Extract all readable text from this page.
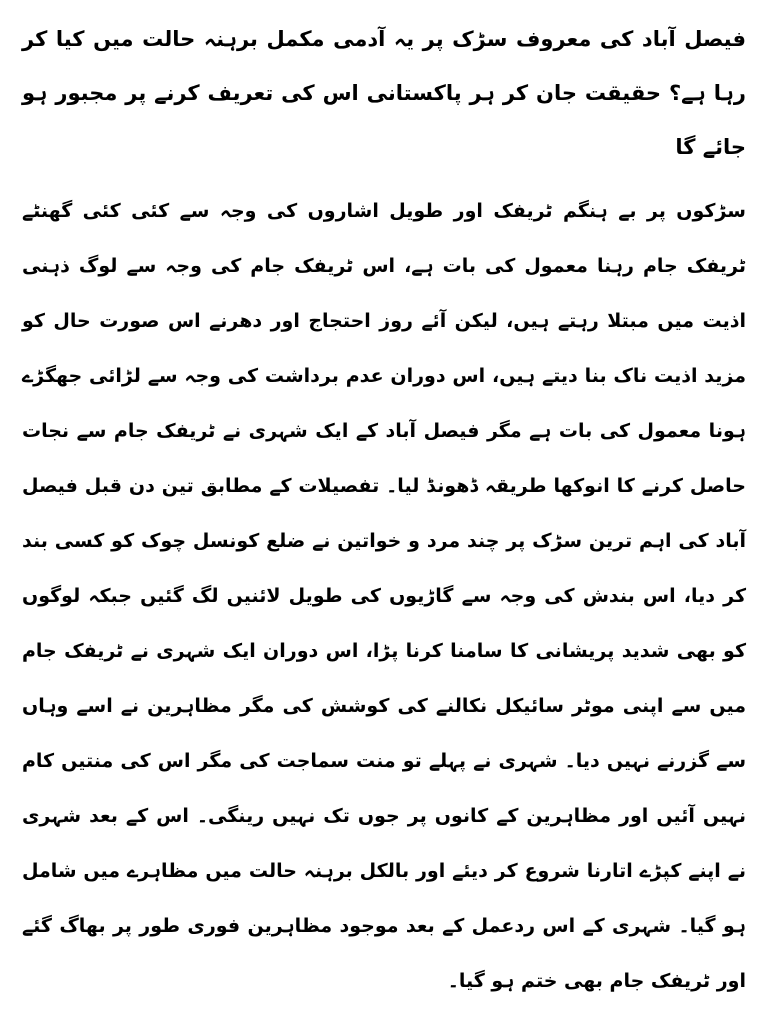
فیصل آباد کی معروف سڑک پر یہ آدمی مکمل برہنہ حالت میں کیا کر رہا ہے؟ حقیقت جان کر ہر پاکستانی اس کی تعریف کرنے پر مجبور ہو جائے گا

سڑکوں پر بے ہنگم ٹریفک اور طویل اشاروں کی وجہ سے کئی کئی گھنٹے ٹریفک جام رہنا معمول کی بات ہے، اس ٹریفک جام کی وجہ سے لوگ ذہنی اذیت میں مبتلا رہتے ہیں، لیکن آئے روز احتجاج اور دھرنے اس صورت حال کو مزید اذیت ناک بنا دیتے ہیں، اس دوران عدم برداشت کی وجہ سے لڑائی جھگڑے ہونا معمول کی بات ہے مگر فیصل آباد کے ایک شہری نے ٹریفک جام سے نجات حاصل کرنے کا انوکھا طریقہ ڈھونڈ لیا۔ تفصیلات کے مطابق تین دن قبل فیصل آباد کی اہم ترین سڑک پر چند مرد و خواتین نے ضلع کونسل چوک کو کسی بند کر دیا، اس بندش کی وجہ سے گاڑیوں کی طویل لائنیں لگ گئیں جبکہ لوگوں کو بھی شدید پریشانی کا سامنا کرنا پڑا، اس دوران ایک شہری نے ٹریفک جام میں سے اپنی موٹر سائیکل نکالنے کی کوشش کی مگر مظاہرین نے اسے وہاں سے گزرنے نہیں دیا۔ شہری نے پہلے تو منت سماجت کی مگر اس کی منتیں کام نہیں آئیں اور مظاہرین کے کانوں پر جوں تک نہیں رینگی۔ اس کے بعد شہری نے اپنے کپڑے اتارنا شروع کر دیئے اور بالکل برہنہ حالت میں مظاہرے میں شامل ہو گیا۔ شہری کے اس ردعمل کے بعد موجود مظاہرین فوری طور پر بھاگ گئے اور ٹریفک جام بھی ختم ہو گیا۔
